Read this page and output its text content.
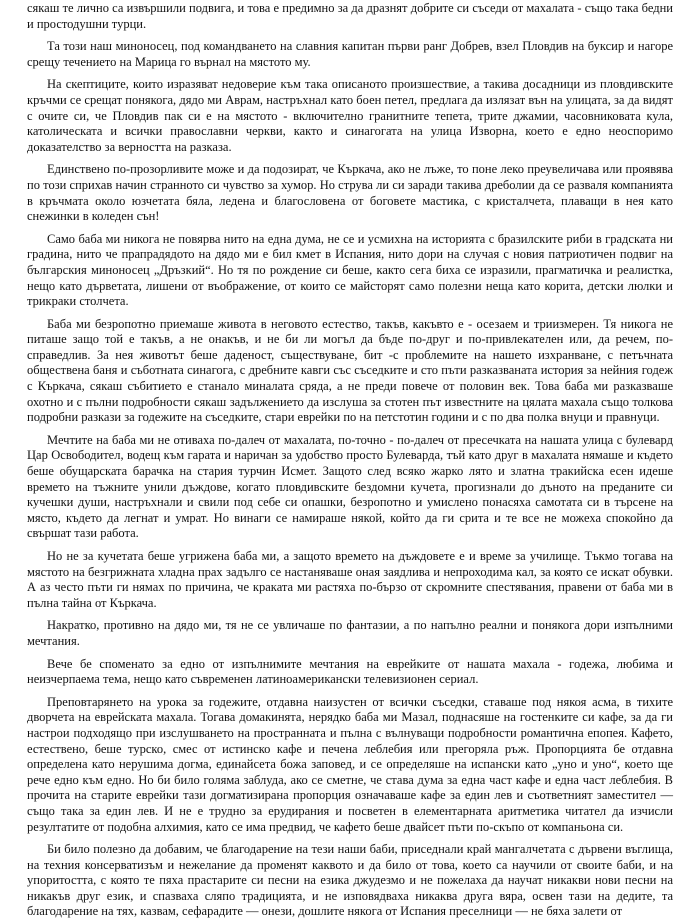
сякаш те лично са извършили подвига, и това е предимно за да дразнят добрите си съседи от махалата - също така бедни и простодушни турци.

Та този наш миноносец, под командването на славния капитан първи ранг Добрев, взел Пловдив на буксир и нагоре срещу течението на Марица го върнал на мястото му.

На скептиците, които изразяват недоверие към така описаното произшествие, а такива досадници из пловдивските кръчми се срещат понякога, дядо ми Аврам, настръхнал като боен петел, предлага да излязат вън на улицата, за да видят с очите си, че Пловдив пак си е на мястото - включително гранитните тепета, трите джамии, часовниковата кула, католическата и всички православни черкви, както и синагогата на улица Изворна, което е едно неоспоримо доказателство за верността на разказа.

Единствено по-прозорливите може и да подозират, че Къркача, ако не лъже, то поне леко преувеличава или проявява по този сприхав начин странното си чувство за хумор. Но струва ли си заради такива дреболии да се разваля компанията в кръчмата около юзчетата бяла, ледена и благословена от боговете мастика, с кристалчета, плаващи в нея като снежинки в коледен сън!

Само баба ми никога не повярва нито на една дума, не се и усмихна на историята с бразилските риби в градската ни градина, нито че прапрадядото на дядо ми е бил кмет в Испания, нито дори на случая с новия патриотичен подвиг на българския миноносец „Дръзкий“. Но тя по рождение си беше, както сега биха се изразили, прагматичка и реалистка, нещо като дърветата, лишени от въображение, от които се майсторят само полезни неща като корита, детски люлки и трикраки столчета.

Баба ми безропотно приемаше живота в неговото естество, такъв, какъвто е - осезаем и триизмерен. Тя никога не питаше защо той е такъв, а не онакъв, и не би ли могъл да бъде по-друг и по-привлекателен или, да речем, по-справедлив. За нея животът беше даденост, съществуване, бит -с проблемите на нашето изхранване, с петъчната обществена баня и съботната синагога, с дребните кавги със съседките и сто пъти разказваната история за нейния годеж с Къркача, сякаш събитието е станало миналата сряда, а не преди повече от половин век. Това баба ми разказваше охотно и с пълни подробности сякаш задължението да изслуша за стотен път известните на цялата махала също толкова подробни разкази за годежите на съседките, стари еврейки по на петстотин години и с по два полка внуци и правнуци.

Мечтите на баба ми не отиваха по-далеч от махалата, по-точно - по-далеч от пресечката на нашата улица с булевард Цар Освободител, водещ към гарата и наричан за удобство просто Булеварда, тъй като друг в махалата нямаше и където беше обущарската барачка на стария турчин Исмет. Защото след всяко жарко лято и златна тракийска есен идеше времето на тъжните унили дъждове, когато пловдивските бездомни кучета, прогизнали до дъното на преданите си кучешки души, настръхнали и свили под себе си опашки, безропотно и умислено понасяха самотата си в търсене на място, където да легнат и умрат. Но винаги се намираше някой, който да ги срита и те все не можеха спокойно да свършат тази работа.

Но не за кучетата беше угрижена баба ми, а защото времето на дъждовете е и време за училище. Тъкмо тогава на мястото на безгрижната хладна прах задълго се настаняваше оная заядлива и непроходима кал, за която се искат обувки. А аз често пъти ги нямах по причина, че краката ми растяха по-бързо от скромните спестявания, правени от баба ми в пълна тайна от Къркача.

Накратко, противно на дядо ми, тя не се увличаше по фантазии, а по напълно реални и понякога дори изпълними мечтания.

Вече бе споменато за едно от изпълнимите мечтания на еврейките от нашата махала - годежа, любима и неизчерпаема тема, нещо като съвременен латиноамерикански телевизионен сериал.

Преповтарянето на урока за годежите, отдавна наизустен от всички съседки, ставаше под някоя асма, в тихите дворчета на еврейската махала. Тогава домакинята, нерядко баба ми Мазал, поднасяше на гостенките си кафе, за да ги настрои подходящо при изслушването на пространната и пълна с вълнуващи подробности романтична епопея. Кафето, естествено, беше турско, смес от истинско кафе и печена леблебия или прегоряла ръж. Пропорцията бе отдавна определена като нерушима догма, единайсета божа заповед, и се определяше на испански като „уно и уно“, което ще рече едно към едно. Но би било голяма заблуда, ако се сметне, че става дума за една част кафе и една част леблебия. В прочита на старите еврейки тази догматизирана пропорция означаваше кафе за един лев и съответният заместител — също така за един лев. И не е трудно за ерудирания и посветен в елементарната аритметика читател да изчисли резултатите от подобна алхимия, като се има предвид, че кафето беше двайсет пъти по-скъпо от компаньона си.

Би било полезно да добавим, че благодарение на тези наши баби, приседнали край мангалчетата с дървени въглища, на техния консерватизъм и нежелание да променят каквото и да било от това, което са научили от своите баби, и на упоритостта, с която те пяха прастарите си песни на езика джудезмо и не пожелаха да научат никакви нови песни на никакъв друг език, и спазваха сляпо традицията, и не изповядваха никаква друга вяра, освен тази на дедите, та благодарение на тях, казвам, сефарадите — онези, дошлите някога от Испания преселници — не бяха залети от
